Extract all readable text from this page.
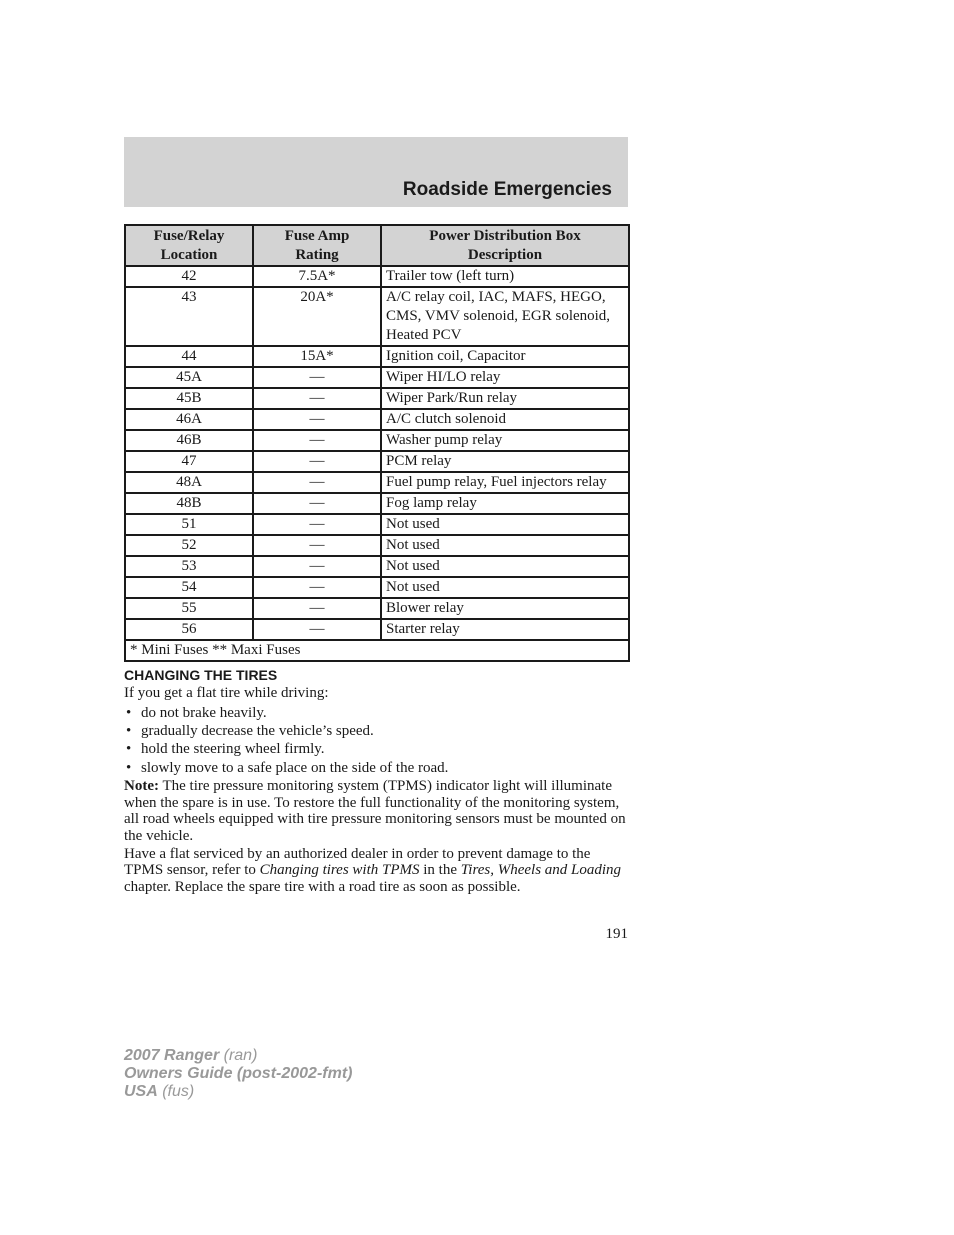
Roadside Emergencies
Fuse/Relay Location	Fuse Amp Rating	Power Distribution Box Description
42	7.5A*	Trailer tow (left turn)
43	20A*	A/C relay coil, IAC, MAFS, HEGO, CMS, VMV solenoid, EGR solenoid, Heated PCV
44	15A*	Ignition coil, Capacitor
45A	—	Wiper HI/LO relay
45B	—	Wiper Park/Run relay
46A	—	A/C clutch solenoid
46B	—	Washer pump relay
47	—	PCM relay
48A	—	Fuel pump relay, Fuel injectors relay
48B	—	Fog lamp relay
51	—	Not used
52	—	Not used
53	—	Not used
54	—	Not used
55	—	Blower relay
56	—	Starter relay
* Mini Fuses ** Maxi Fuses		
CHANGING THE TIRES

If you get a flat tire while driving:

• do not brake heavily.
• gradually decrease the vehicle’s speed.
• hold the steering wheel firmly.
• slowly move to a safe place on the side of the road.

Note: The tire pressure monitoring system (TPMS) indicator light will illuminate when the spare is in use. To restore the full functionality of the monitoring system, all road wheels equipped with tire pressure monitoring sensors must be mounted on the vehicle.

Have a flat serviced by an authorized dealer in order to prevent damage to the TPMS sensor, refer to Changing tires with TPMS in the Tires, Wheels and Loading chapter. Replace the spare tire with a road tire as soon as possible.

191
2007 Ranger (ran)
Owners Guide (post-2002-fmt)
USA (fus)
